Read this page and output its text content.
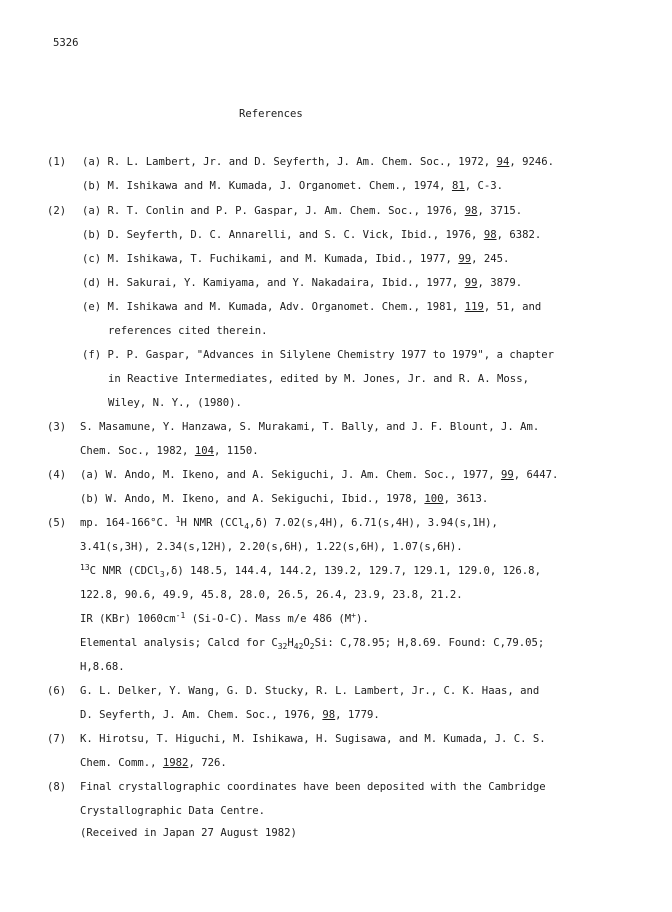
5326
References
(1) (a) R. L. Lambert, Jr. and D. Seyferth, J. Am. Chem. Soc., 1972, 94, 9246.
(b) M. Ishikawa and M. Kumada, J. Organomet. Chem., 1974, 81, C-3.
(2) (a) R. T. Conlin and P. P. Gaspar, J. Am. Chem. Soc., 1976, 98, 3715.
(b) D. Seyferth, D. C. Annarelli, and S. C. Vick, Ibid., 1976, 98, 6382.
(c) M. Ishikawa, T. Fuchikami, and M. Kumada, Ibid., 1977, 99, 245.
(d) H. Sakurai, Y. Kamiyama, and Y. Nakadaira, Ibid., 1977, 99, 3879.
(e) M. Ishikawa and M. Kumada, Adv. Organomet. Chem., 1981, 119, 51, and
references cited therein.
(f) P. P. Gaspar, "Advances in Silylene Chemistry 1977 to 1979", a chapter
in Reactive Intermediates, edited by M. Jones, Jr. and R. A. Moss,
Wiley, N. Y., (1980).
(3) S. Masamune, Y. Hanzawa, S. Murakami, T. Bally, and J. F. Blount, J. Am.
Chem. Soc., 1982, 104, 1150.
(4) (a) W. Ando, M. Ikeno, and A. Sekiguchi, J. Am. Chem. Soc., 1977, 99, 6447.
(b) W. Ando, M. Ikeno, and A. Sekiguchi, Ibid., 1978, 100, 3613.
(5) mp. 164-166°C. $^1$H NMR (CCl$_4$,δ) 7.02(s,4H), 6.71(s,4H), 3.94(s,1H),
3.41(s,3H), 2.34(s,12H), 2.20(s,6H), 1.22(s,6H), 1.07(s,6H).
$^{13}$C NMR (CDCl$_3$,δ) 148.5, 144.4, 144.2, 139.2, 129.7, 129.1, 129.0, 126.8,
122.8, 90.6, 49.9, 45.8, 28.0, 26.5, 26.4, 23.9, 23.8, 21.2.
IR (KBr) $1060cm^{-1}$ (Si-O-C). Mass m/e 486 (M+).
Elemental analysis; Calcd for $C_{32}H_{42}O_2Si$: C,78.95; H,8.69. Found: C,79.05;
H,8.68.
(6) G. L. Delker, Y. Wang, G. D. Stucky, R. L. Lambert, Jr., C. K. Haas, and
D. Seyferth, J. Am. Chem. Soc., 1976, 98, 1779.
(7) K. Hirotsu, T. Higuchi, M. Ishikawa, H. Sugisawa, and M. Kumada, J. C. S.
Chem. Comm., 1982, 726.
(8) Final crystallographic coordinates have been deposited with the Cambridge
Crystallographic Data Centre.
(Received in Japan 27 August 1982)
